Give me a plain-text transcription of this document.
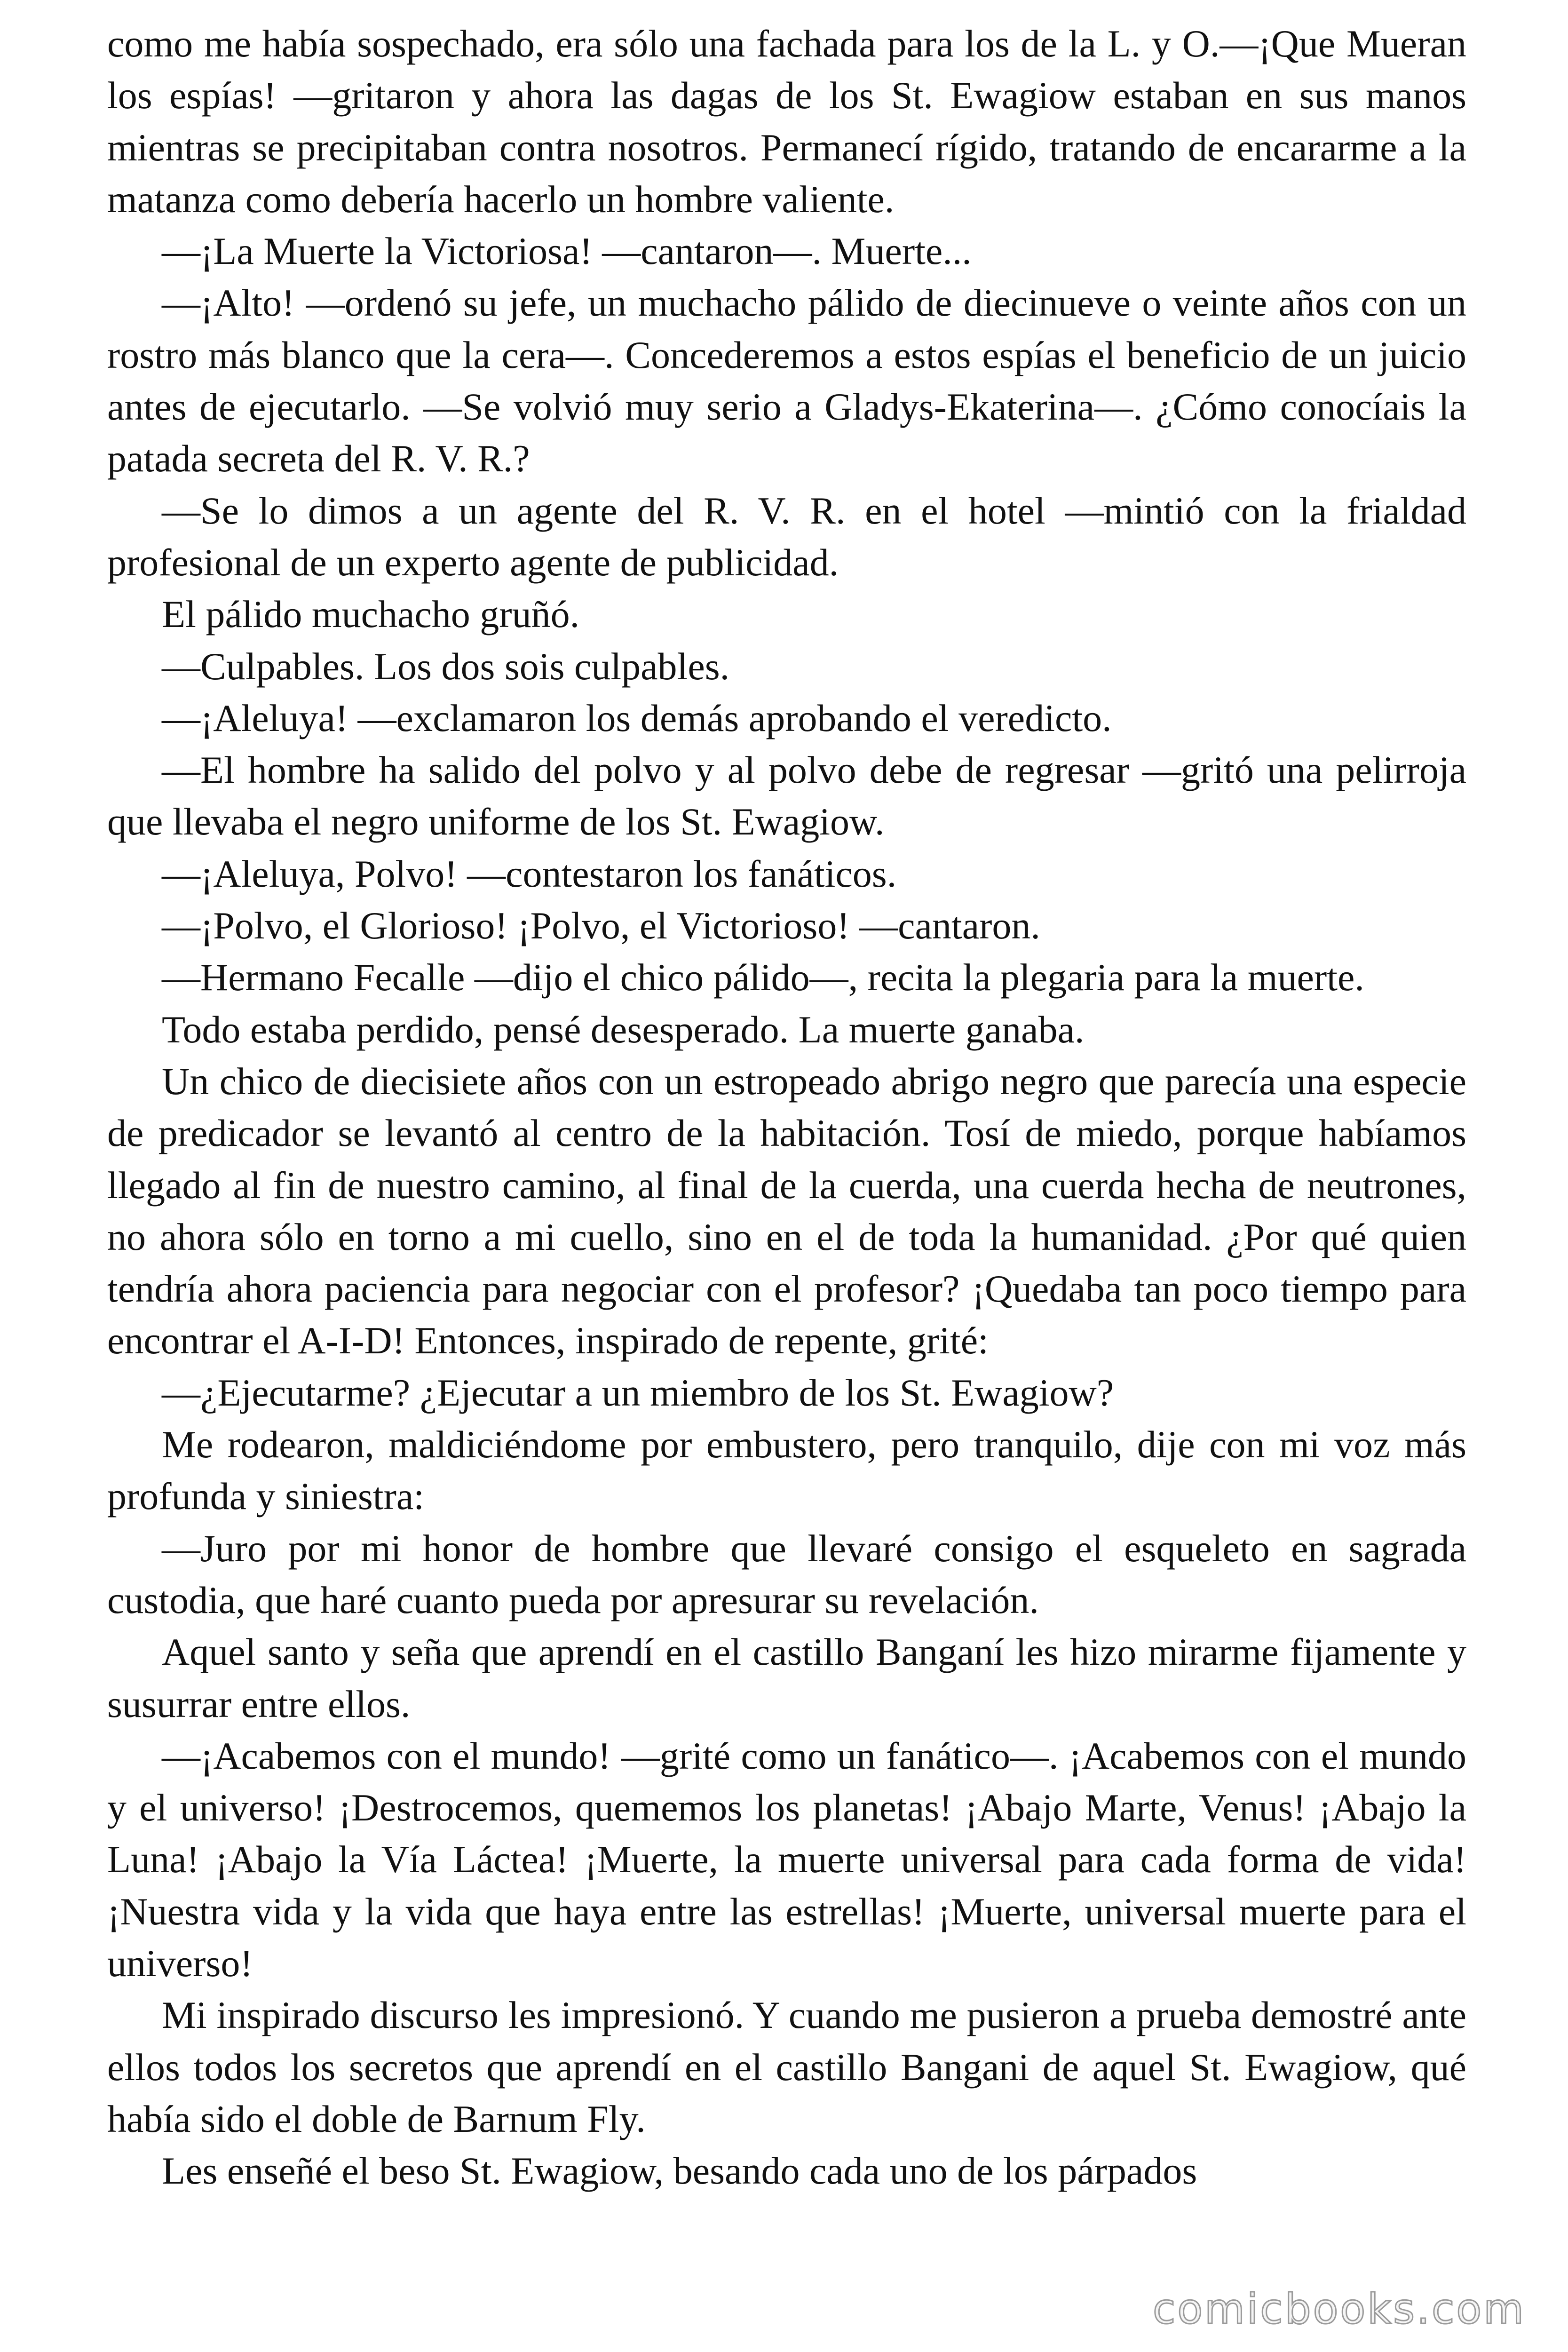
como me había sospechado, era sólo una fachada para los de la L. y O.—¡Que Mueran los espías! —gritaron y ahora las dagas de los St. Ewagiow estaban en sus manos mientras se precipitaban contra nosotros. Permanecí rígido, tratando de encararme a la matanza como debería hacerlo un hombre valiente.

—¡La Muerte la Victoriosa! —cantaron—. Muerte...

—¡Alto! —ordenó su jefe, un muchacho pálido de diecinueve o veinte años con un rostro más blanco que la cera—. Concederemos a estos espías el beneficio de un juicio antes de ejecutarlo. —Se volvió muy serio a Gladys-Ekaterina—. ¿Cómo conocíais la patada secreta del R. V. R.?

—Se lo dimos a un agente del R. V. R. en el hotel —mintió con la frialdad profesional de un experto agente de publicidad.

El pálido muchacho gruñó.

—Culpables. Los dos sois culpables.

—¡Aleluya! —exclamaron los demás aprobando el veredicto.

—El hombre ha salido del polvo y al polvo debe de regresar —gritó una pelirroja que llevaba el negro uniforme de los St. Ewagiow.

—¡Aleluya, Polvo! —contestaron los fanáticos.

—¡Polvo, el Glorioso! ¡Polvo, el Victorioso! —cantaron.

—Hermano Fecalle —dijo el chico pálido—, recita la plegaria para la muerte.

Todo estaba perdido, pensé desesperado. La muerte ganaba.

Un chico de diecisiete años con un estropeado abrigo negro que parecía una especie de predicador se levantó al centro de la habitación. Tosí de miedo, porque habíamos llegado al fin de nuestro camino, al final de la cuerda, una cuerda hecha de neutrones, no ahora sólo en torno a mi cuello, sino en el de toda la humanidad. ¿Por qué quien tendría ahora paciencia para negociar con el profesor? ¡Quedaba tan poco tiempo para encontrar el A-I-D! Entonces, inspirado de repente, grité:

—¿Ejecutarme? ¿Ejecutar a un miembro de los St. Ewagiow?

Me rodearon, maldiciéndome por embustero, pero tranquilo, dije con mi voz más profunda y siniestra:

—Juro por mi honor de hombre que llevaré consigo el esqueleto en sagrada custodia, que haré cuanto pueda por apresurar su revelación.

Aquel santo y seña que aprendí en el castillo Banganí les hizo mirarme fijamente y susurrar entre ellos.

—¡Acabemos con el mundo! —grité como un fanático—. ¡Acabemos con el mundo y el universo! ¡Destrocemos, quememos los planetas! ¡Abajo Marte, Venus! ¡Abajo la Luna! ¡Abajo la Vía Láctea! ¡Muerte, la muerte universal para cada forma de vida! ¡Nuestra vida y la vida que haya entre las estrellas! ¡Muerte, universal muerte para el universo!

Mi inspirado discurso les impresionó. Y cuando me pusieron a prueba demostré ante ellos todos los secretos que aprendí en el castillo Bangani de aquel St. Ewagiow, qué había sido el doble de Barnum Fly.

Les enseñé el beso St. Ewagiow, besando cada uno de los párpados

comicbooks.com
